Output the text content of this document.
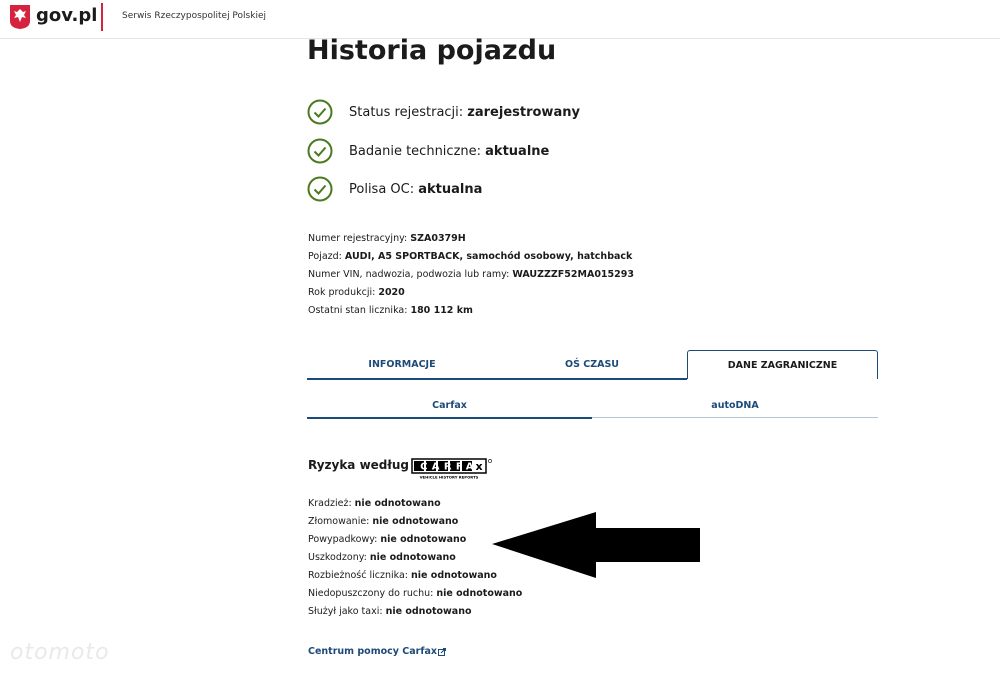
gov.pl	Serwis Rzeczypospolitej Polskiej
Historia pojazdu
Status rejestracji:
zarejestrowany
Badanie techniczne:
aktualne
Polisa OC:
aktualna
Numer rejestracyjny: SZA0379H
Pojazd: AUDI, A5 SPORTBACK, samochód osobowy, hatchback
Numer VIN, nadwozia, podwozia lub ramy: WAUZZZF52MA015293
Rok produkcji: 2020
Ostatni stan licznika: 180 112 km
INFORMACJE	OŚ CZASU	DANE ZAGRANICZNE
Carfax	autoDNA
Ryzyka według CARFA
x
VEHICLE HISTORY REPORTS
Kradzież: nie odnotowano
Złomowanie: nie odnotowano
Powypadkowy: nie odnotowano
Uszkodzony: nie odnotowano
Rozbieżność licznika: nie odnotowano
Niedopuszczony do ruchu: nie odnotowano
Służył jako taxi: nie odnotowano
Centrum pomocy Carfax
otomoto
